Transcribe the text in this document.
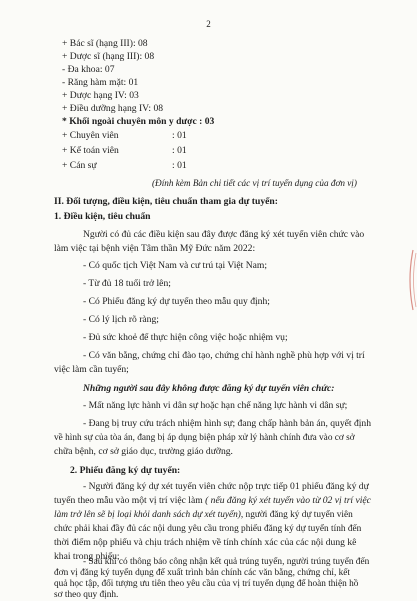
2
+ Bác sĩ (hạng III): 08
+ Dược sĩ (hạng III): 08
- Đa khoa: 07
- Răng hàm mặt: 01
+ Dược hạng IV: 03
+ Điều dưỡng hạng IV: 08
* Khối ngoài chuyên môn y dược : 03
+ Chuyên viên	: 01
+ Kế toán viên	: 01
+ Cán sự	: 01
(Đính kèm Bản chi tiết các vị trí tuyển dụng của đơn vị)
II. Đối tượng, điều kiện, tiêu chuẩn tham gia dự tuyển:
1. Điều kiện, tiêu chuẩn
Người có đủ các điều kiện sau đây được đăng ký xét tuyển viên chức vào
làm việc tại bệnh viện Tâm thần Mỹ Đức năm 2022:
- Có quốc tịch Việt Nam và cư trú tại Việt Nam;
- Từ đủ 18 tuổi trở lên;
- Có Phiếu đăng ký dự tuyển theo mẫu quy định;
- Có lý lịch rõ ràng;
- Đủ sức khoẻ để thực hiện công việc hoặc nhiệm vụ;
- Có văn bằng, chứng chỉ đào tạo, chứng chỉ hành nghề phù hợp với vị trí
việc làm cần tuyển;
Những người sau đây không được đăng ký dự tuyển viên chức:
- Mất năng lực hành vi dân sự hoặc hạn chế năng lực hành vi dân sự;
- Đang bị truy cứu trách nhiệm hình sự; đang chấp hành bản án, quyết định
về hình sự của tòa án, đang bị áp dụng biện pháp xử lý hành chính đưa vào cơ sở
chữa bệnh, cơ sở giáo dục, trường giáo dưỡng.
2. Phiếu đăng ký dự tuyển:
- Người đăng ký dự xét tuyển viên chức nộp trực tiếp 01 phiếu đăng ký dự
tuyển theo mẫu vào một vị trí việc làm ( nếu đăng ký xét tuyển vào từ 02 vị trí việc
làm trở lên sẽ bị loại khỏi danh sách dự xét tuyển), người đăng ký dự tuyển viên
chức phải khai đầy đủ các nội dung yêu cầu trong phiếu đăng ký dự tuyển tính đến
thời điểm nộp phiếu và chịu trách nhiệm về tính chính xác của các nội dung kê
khai trong phiếu;
- Sau khi có thông báo công nhận kết quả trúng tuyển, người trúng tuyển đến
đơn vị đăng ký tuyển dụng để xuất trình bản chính các văn bằng, chứng chỉ, kết
quả học tập, đối tượng ưu tiên theo yêu cầu của vị trí tuyển dụng để hoàn thiện hồ
sơ theo quy định.
